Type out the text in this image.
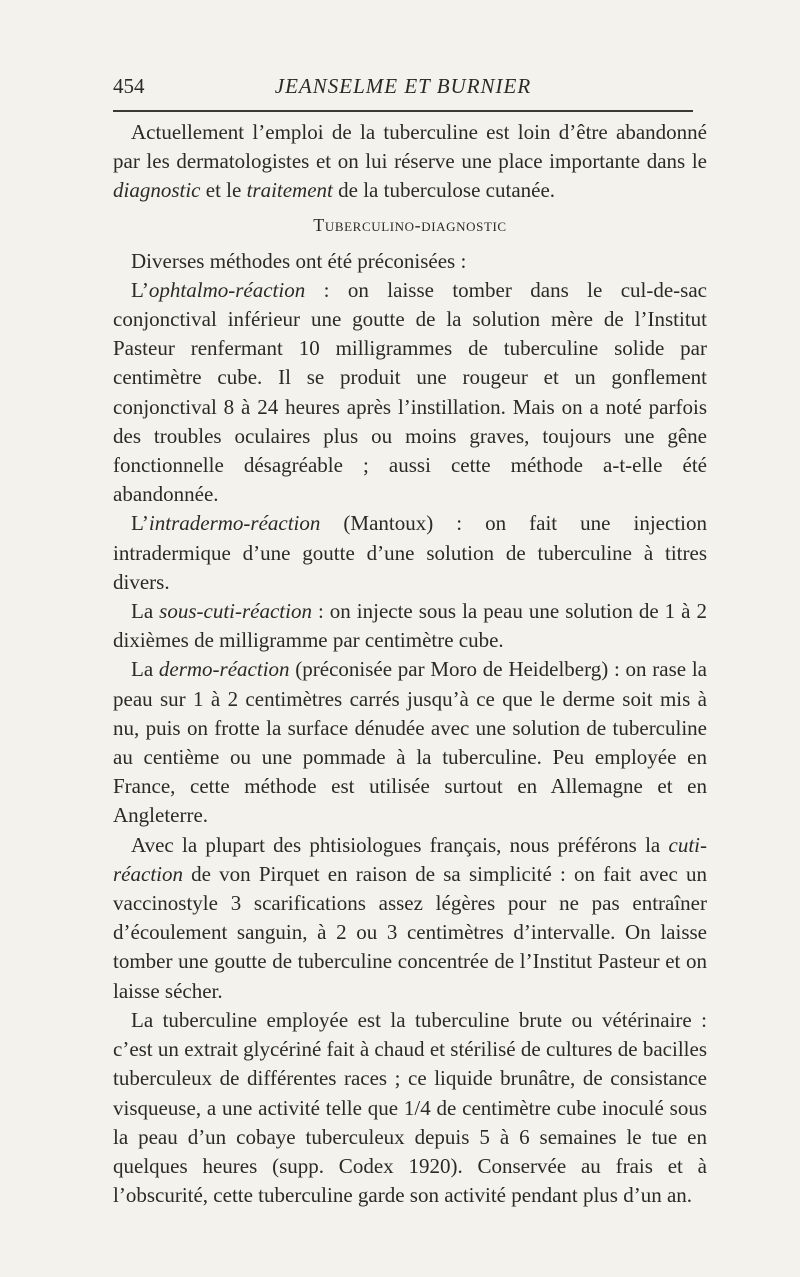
454	JEANSELME ET BURNIER

Actuellement l’emploi de la tuberculine est loin d’être abandonné par les dermatologistes et on lui réserve une place importante dans le diagnostic et le traitement de la tuberculose cutanée.

Tuberculino-diagnostic

Diverses méthodes ont été préconisées :

L’ophtalmo-réaction : on laisse tomber dans le cul-de-sac conjonctival inférieur une goutte de la solution mère de l’Institut Pasteur renfermant 10 milligrammes de tuberculine solide par centimètre cube. Il se produit une rougeur et un gonflement conjonctival 8 à 24 heures après l’instillation. Mais on a noté parfois des troubles oculaires plus ou moins graves, toujours une gêne fonctionnelle désagréable ; aussi cette méthode a-t-elle été abandonnée.

L’intradermo-réaction (Mantoux) : on fait une injection intradermique d’une goutte d’une solution de tuberculine à titres divers.

La sous-cuti-réaction : on injecte sous la peau une solution de 1 à 2 dixièmes de milligramme par centimètre cube.

La dermo-réaction (préconisée par Moro de Heidelberg) : on rase la peau sur 1 à 2 centimètres carrés jusqu’à ce que le derme soit mis à nu, puis on frotte la surface dénudée avec une solution de tuberculine au centième ou une pommade à la tuberculine. Peu employée en France, cette méthode est utilisée surtout en Allemagne et en Angleterre.

Avec la plupart des phtisiologues français, nous préférons la cuti-réaction de von Pirquet en raison de sa simplicité : on fait avec un vaccinostyle 3 scarifications assez légères pour ne pas entraîner d’écoulement sanguin, à 2 ou 3 centimètres d’intervalle. On laisse tomber une goutte de tuberculine concentrée de l’Institut Pasteur et on laisse sécher.

La tuberculine employée est la tuberculine brute ou vétérinaire : c’est un extrait glycériné fait à chaud et stérilisé de cultures de bacilles tuberculeux de différentes races ; ce liquide brunâtre, de consistance visqueuse, a une activité telle que 1/4 de centimètre cube inoculé sous la peau d’un cobaye tuberculeux depuis 5 à 6 semaines le tue en quelques heures (supp. Codex 1920). Conservée au frais et à l’obscurité, cette tuberculine garde son activité pendant plus d’un an.
